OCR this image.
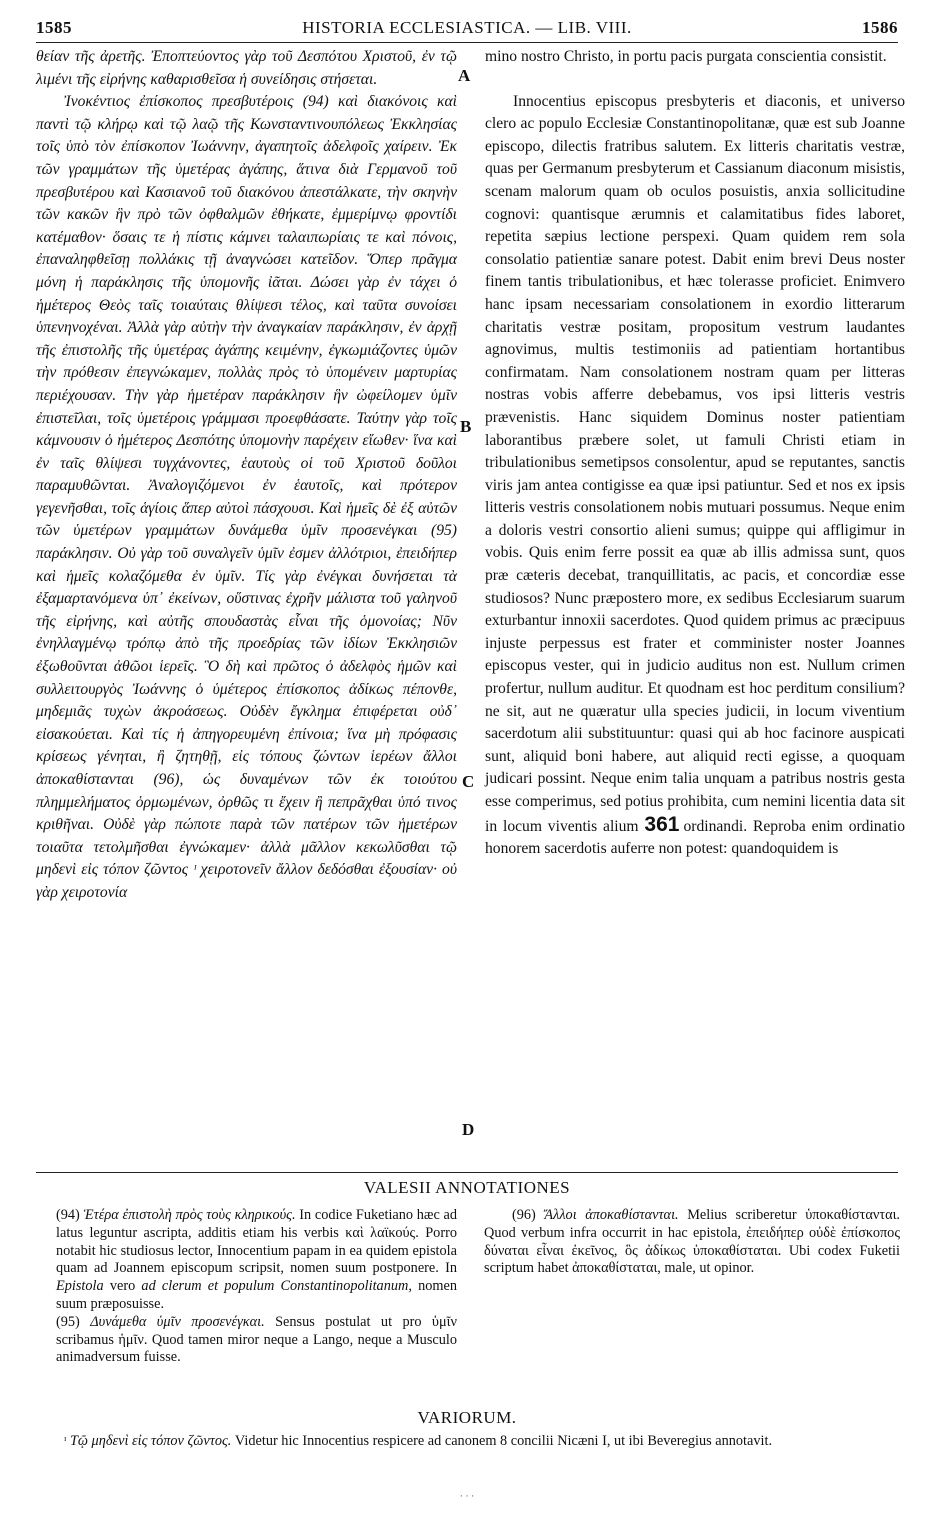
1585	HISTORIA ECCLESIASTICA. — LIB. VIII.	1586

θείαν τῆς ἀρετῆς. Ἐποπτεύοντος γὰρ τοῦ Δεσπότου Χριστοῦ, ἐν τῷ λιμένι τῆς εἰρήνης καθαρισθεῖσα ἡ συνείδησις στήσεται.

Ἰνοκέντιος ἐπίσκοπος πρεσβυτέροις (94) καὶ διακόνοις καὶ παντὶ τῷ κλήρῳ καὶ τῷ λαῷ τῆς Κωνσταντινουπόλεως Ἐκκλησίας τοῖς ὑπὸ τὸν ἐπίσκοπον Ἰωάννην, ἀγαπητοῖς ἀδελφοῖς χαίρειν. Ἐκ τῶν γραμμάτων τῆς ὑμετέρας ἀγάπης, ἅτινα διὰ Γερμανοῦ τοῦ πρεσβυτέρου καὶ Κασιανοῦ τοῦ διακόνου ἀπεστάλκατε, τὴν σκηνὴν τῶν κακῶν ἣν πρὸ τῶν ὀφθαλμῶν ἐθήκατε, ἐμμερίμνῳ φροντίδι κατέμαθον· ὅσαις τε ἡ πίστις κάμνει ταλαιπωρίαις τε καὶ πόνοις, ἐπαναληφθεῖσῃ πολλάκις τῇ ἀναγνώσει κατεῖδον. Ὅπερ πρᾶγμα μόνη ἡ παράκλησις τῆς ὑπομονῆς ἰᾶται. Δώσει γὰρ ἐν τάχει ὁ ἡμέτερος Θεὸς ταῖς τοιαύταις θλίψεσι τέλος, καὶ ταῦτα συνοίσει ὑπενηνοχέναι. Ἀλλὰ γὰρ αὐτὴν τὴν ἀναγκαίαν παράκλησιν, ἐν ἀρχῇ τῆς ἐπιστολῆς τῆς ὑμετέρας ἀγάπης κειμένην, ἐγκωμιάζοντες ὑμῶν τὴν πρόθεσιν ἐπεγνώκαμεν, πολλὰς πρὸς τὸ ὑπομένειν μαρτυρίας περιέχουσαν. Τὴν γὰρ ἡμετέραν παράκλησιν ἣν ὠφείλομεν ὑμῖν ἐπιστεῖλαι, τοῖς ὑμετέροις γράμμασι προεφθάσατε. Ταύτην γὰρ τοῖς κάμνουσιν ὁ ἡμέτερος Δεσπότης ὑπομονὴν παρέχειν εἴωθεν· ἵνα καὶ ἐν ταῖς θλίψεσι τυγχάνοντες, ἑαυτοὺς οἱ τοῦ Χριστοῦ δοῦλοι παραμυθῶνται. Ἀναλογιζόμενοι ἐν ἑαυτοῖς, καὶ πρότερον γεγενῆσθαι, τοῖς ἁγίοις ἅπερ αὐτοὶ πάσχουσι. Καὶ ἡμεῖς δὲ ἐξ αὐτῶν τῶν ὑμετέρων γραμμάτων δυνάμεθα ὑμῖν προσενέγκαι (95) παράκλησιν. Οὐ γὰρ τοῦ συναλγεῖν ὑμῖν ἐσμεν ἀλλότριοι, ἐπειδήπερ καὶ ἡμεῖς κολαζόμεθα ἐν ὑμῖν. Τίς γὰρ ἐνέγκαι δυνήσεται τὰ ἐξαμαρτανόμενα ὑπ᾽ ἐκείνων, οὕστινας ἐχρῆν μάλιστα τοῦ γαληνοῦ τῆς εἰρήνης, καὶ αὐτῆς σπουδαστὰς εἶναι τῆς ὁμονοίας; Νῦν ἐνηλλαγμένῳ τρόπῳ ἀπὸ τῆς προεδρίας τῶν ἰδίων Ἐκκλησιῶν ἐξωθοῦνται ἀθῶοι ἱερεῖς. Ὃ δὴ καὶ πρῶτος ὁ ἀδελφὸς ἡμῶν καὶ συλλειτουργὸς Ἰωάννης ὁ ὑμέτερος ἐπίσκοπος ἀδίκως πέπονθε, μηδεμιᾶς τυχὼν ἀκροάσεως. Οὐδὲν ἔγκλημα ἐπιφέρεται οὐδ᾽ εἰσακούεται. Καὶ τίς ἡ ἀπηγορευμένη ἐπίνοια; ἵνα μὴ πρόφασις κρίσεως γένηται, ἢ ζητηθῇ, εἰς τόπους ζώντων ἱερέων ἄλλοι ἀποκαθίστανται (96), ὡς δυναμένων τῶν ἐκ τοιούτου πλημμελήματος ὁρμωμένων, ὀρθῶς τι ἔχειν ἢ πεπρᾶχθαι ὑπό τινος κριθῆναι. Οὐδὲ γὰρ πώποτε παρὰ τῶν πατέρων τῶν ἡμετέρων τοιαῦτα τετολμῆσθαι ἐγνώκαμεν· ἀλλὰ μᾶλλον κεκωλῦσθαι τῷ μηδενὶ εἰς τόπον ζῶντος ᶦ χειροτονεῖν ἄλλον δεδόσθαι ἐξουσίαν· οὐ γὰρ χειροτονία

A
B
C
D

mino nostro Christo, in portu pacis purgata conscientia consistit.

Innocentius episcopus presbyteris et diaconis, et universo clero ac populo Ecclesiæ Constantinopolitanæ, quæ est sub Joanne episcopo, dilectis fratribus salutem. Ex litteris charitatis vestræ, quas per Germanum presbyterum et Cassianum diaconum misistis, scenam malorum quam ob oculos posuistis, anxia sollicitudine cognovi: quantisque ærumnis et calamitatibus fides laboret, repetita sæpius lectione perspexi. Quam quidem rem sola consolatio patientiæ sanare potest. Dabit enim brevi Deus noster finem tantis tribulationibus, et hæc tolerasse proficiet. Enimvero hanc ipsam necessariam consolationem in exordio litterarum charitatis vestræ positam, propositum vestrum laudantes agnovimus, multis testimoniis ad patientiam hortantibus confirmatam. Nam consolationem nostram quam per litteras nostras vobis afferre debebamus, vos ipsi litteris vestris prævenistis. Hanc siquidem Dominus noster patientiam laborantibus præbere solet, ut famuli Christi etiam in tribulationibus semetipsos consolentur, apud se reputantes, sanctis viris jam antea contigisse ea quæ ipsi patiuntur. Sed et nos ex ipsis litteris vestris consolationem nobis mutuari possumus. Neque enim a doloris vestri consortio alieni sumus; quippe qui affligimur in vobis. Quis enim ferre possit ea quæ ab illis admissa sunt, quos præ cæteris decebat, tranquillitatis, ac pacis, et concordiæ esse studiosos? Nunc præpostero more, ex sedibus Ecclesiarum suarum exturbantur innoxii sacerdotes. Quod quidem primus ac præcipuus injuste perpessus est frater et comminister noster Joannes episcopus vester, qui in judicio auditus non est. Nullum crimen profertur, nullum auditur. Et quodnam est hoc perditum consilium? ne sit, aut ne quæratur ulla species judicii, in locum viventium sacerdotum alii substituuntur: quasi qui ab hoc facinore auspicati sunt, aliquid boni habere, aut aliquid recti egisse, a quoquam judicari possint. Neque enim talia unquam a patribus nostris gesta esse comperimus, sed potius prohibita, cum nemini licentia data sit in locum viventis alium 361 ordinandi. Reproba enim ordinatio honorem sacerdotis auferre non potest: quandoquidem is

VALESII ANNOTATIONES

(94) Ἑτέρα ἐπιστολὴ πρὸς τοὺς κληρικούς. In codice Fuketiano hæc ad latus leguntur ascripta, additis etiam his verbis καὶ λαϊκούς. Porro notabit hic studiosus lector, Innocentium papam in ea quidem epistola quam ad Joannem episcopum scripsit, nomen suum postponere. In Epistola vero ad clerum et populum Constantinopolitanum, nomen suum præposuisse.

(95) Δυνάμεθα ὑμῖν προσενέγκαι. Sensus postulat ut pro ὑμῖν scribamus ἡμῖν. Quod tamen miror neque a Lango, neque a Musculo animadversum fuisse.

(96) Ἄλλοι ἀποκαθίστανται. Melius scriberetur ὑποκαθίστανται. Quod verbum infra occurrit in hac epistola, ἐπειδήπερ οὐδὲ ἐπίσκοπος δύναται εἶναι ἐκεῖνος, ὃς ἀδίκως ὑποκαθίσταται. Ubi codex Fuketii scriptum habet ἀποκαθίσταται, male, ut opinor.

VARIORUM.

ᶦ Τῷ μηδενὶ εἰς τόπον ζῶντος. Videtur hic Innocentius respicere ad canonem 8 concilii Nicæni I, ut ibi Beveregius annotavit.

· · ·
